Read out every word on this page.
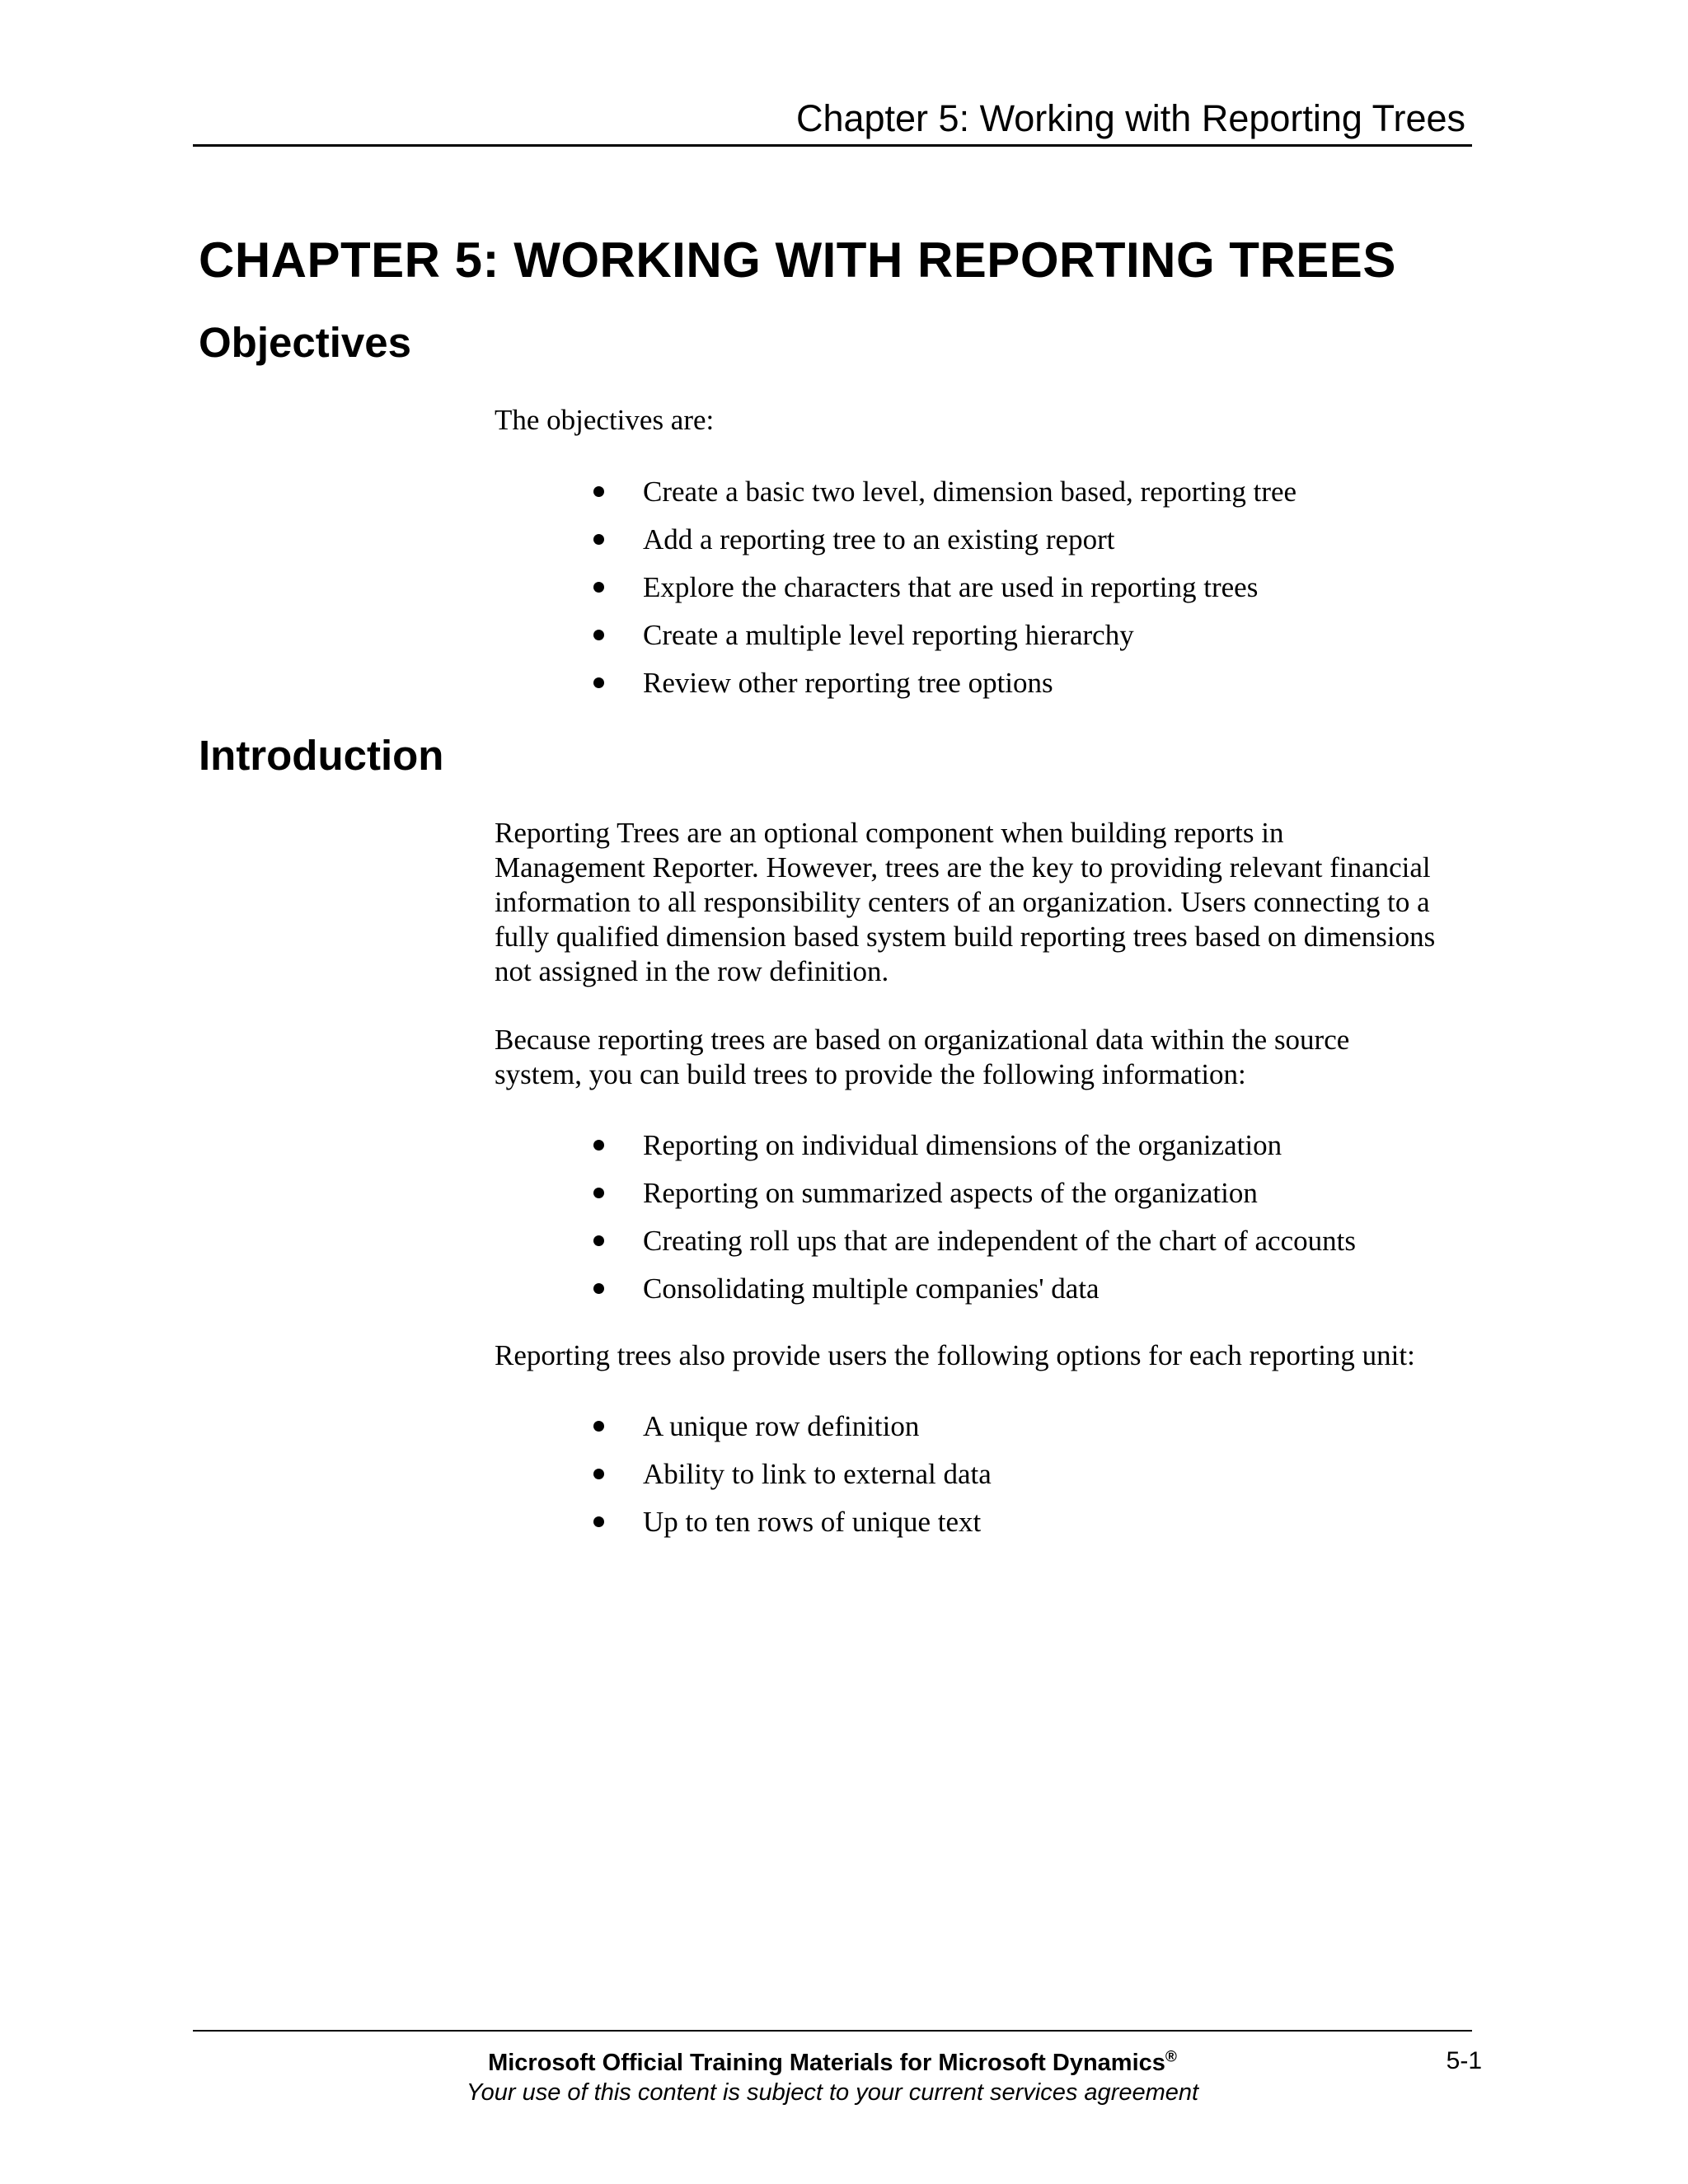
Chapter 5: Working with Reporting Trees
CHAPTER 5: WORKING WITH REPORTING TREES
Objectives

The objectives are:

Create a basic two level, dimension based, reporting tree
Add a reporting tree to an existing report
Explore the characters that are used in reporting trees
Create a multiple level reporting hierarchy
Review other reporting tree options
Introduction

Reporting Trees are an optional component when building reports in
Management Reporter. However, trees are the key to providing relevant financial
information to all responsibility centers of an organization. Users connecting to a
fully qualified dimension based system build reporting trees based on dimensions
not assigned in the row definition.

Because reporting trees are based on organizational data within the source
system, you can build trees to provide the following information:

Reporting on individual dimensions of the organization
Reporting on summarized aspects of the organization
Creating roll ups that are independent of the chart of accounts
Consolidating multiple companies' data

Reporting trees also provide users the following options for each reporting unit:

A unique row definition
Ability to link to external data
Up to ten rows of unique text
Microsoft Official Training Materials for Microsoft Dynamics®
Your use of this content is subject to your current services agreement
5-1
